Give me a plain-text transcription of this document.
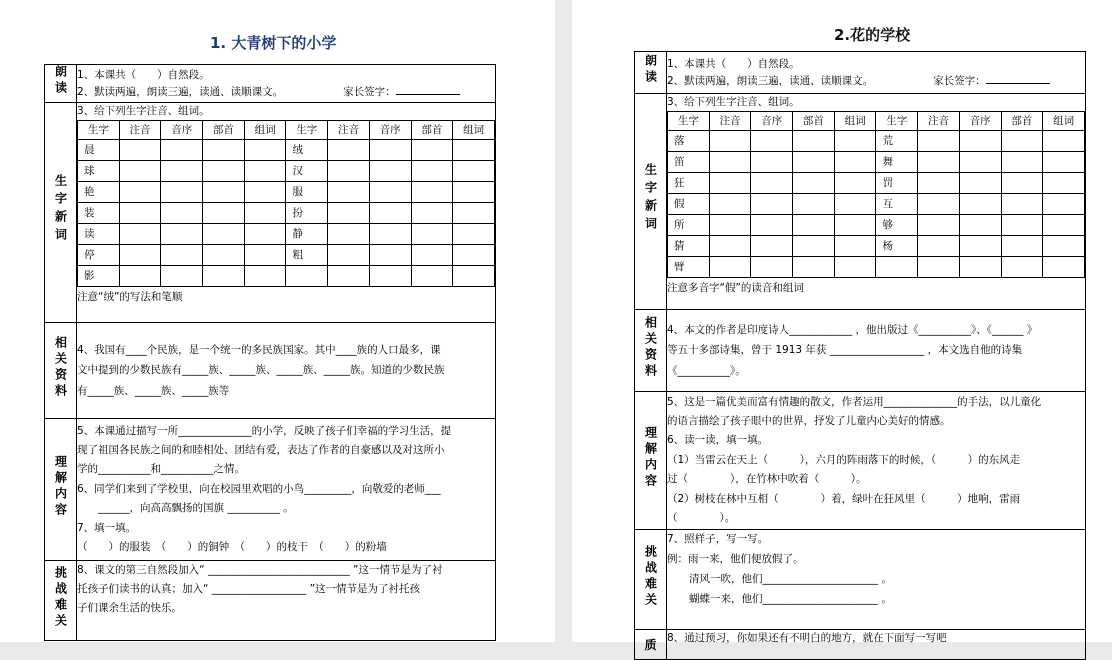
1. 大青树下的小学
朗读	1、本课共（　　）自然段。
2、默读两遍，朗读三遍，读通、读顺课文。	家长签字：

生字新词	
3、给下列生字注音、组词。
生字	注音	音序	部首	组词	生字	注音	音序	部首	组词
晨					绒				
球					汉				
艳					服				
装					扮				
读					静				
停					粗				
影									
注意“绒”的写法和笔顺

相关资料	4、我国有____个民族，是一个统一的多民族国家。其中____族的人口最多，课
文中提到的少数民族有_____族、_____族、_____族、_____族。知道的少数民族
有_____族、_____族、_____族等

理解内容	
5、本课通过描写一所______________的小学，反映了孩子们幸福的学习生活，提
现了祖国各民族之间的和睦相处、团结有爱，表达了作者的自豪感以及对这所小
学的__________和__________之情。
6、同学们来到了学校里，向在校园里欢唱的小鸟_________，向敬爱的老师___
　　______，向高高飘扬的国旗 __________ 。
7、填一填。
（　　）的服装　（　　）的铜钟　（　　）的枝干　（　　）的粉墙

挑战难关	8、课文的第三自然段加入“ ___________________________ ”这一情节是为了衬
托孩子们读书的认真；加入“ __________________ ”这一情节是为了衬托孩
子们课余生活的快乐。
2.花的学校
朗读	1、本课共（　　）自然段。
2、默读两遍，朗读三遍，读通、读顺课文。	家长签字：

生字新词	
3、给下列生字注音、组词。
生字	注音	音序	部首	组词	生字	注音	音序	部首	组词
落					荒				
笛					舞				
狂					罚				
假					互				
所					够				
猜					杨				
臂									
注意多音字“假”的读音和组词

相关资料	4、本文的作者是印度诗人____________ ，他出版过《__________》、《______ 》
等五十多部诗集，曾于 1913 年获 __________________ ，本文选自他的诗集
《__________》。

理解内容	
5、这是一篇优美而富有情趣的散文，作者运用______________的手法，以儿童化
的语言描绘了孩子眼中的世界，抒发了儿童内心美好的情感。
6、读一读，填一填。
（1）当雷云在天上（　　　），六月的阵雨落下的时候，（　　　）的东风走
过（　　　　），在竹林中吹着（　　　）。
（2）树枝在林中互相（　　　　）着，绿叶在狂风里（　　　）地响，雷雨
（　　　　）。

挑战难关	
7、照样子，写一写。
例：雨一来，他们便放假了。
清风一吹，他们______________________ 。
蝴蝶一来，他们______________________ 。

质	8、通过预习，你如果还有不明白的地方，就在下面写一写吧
